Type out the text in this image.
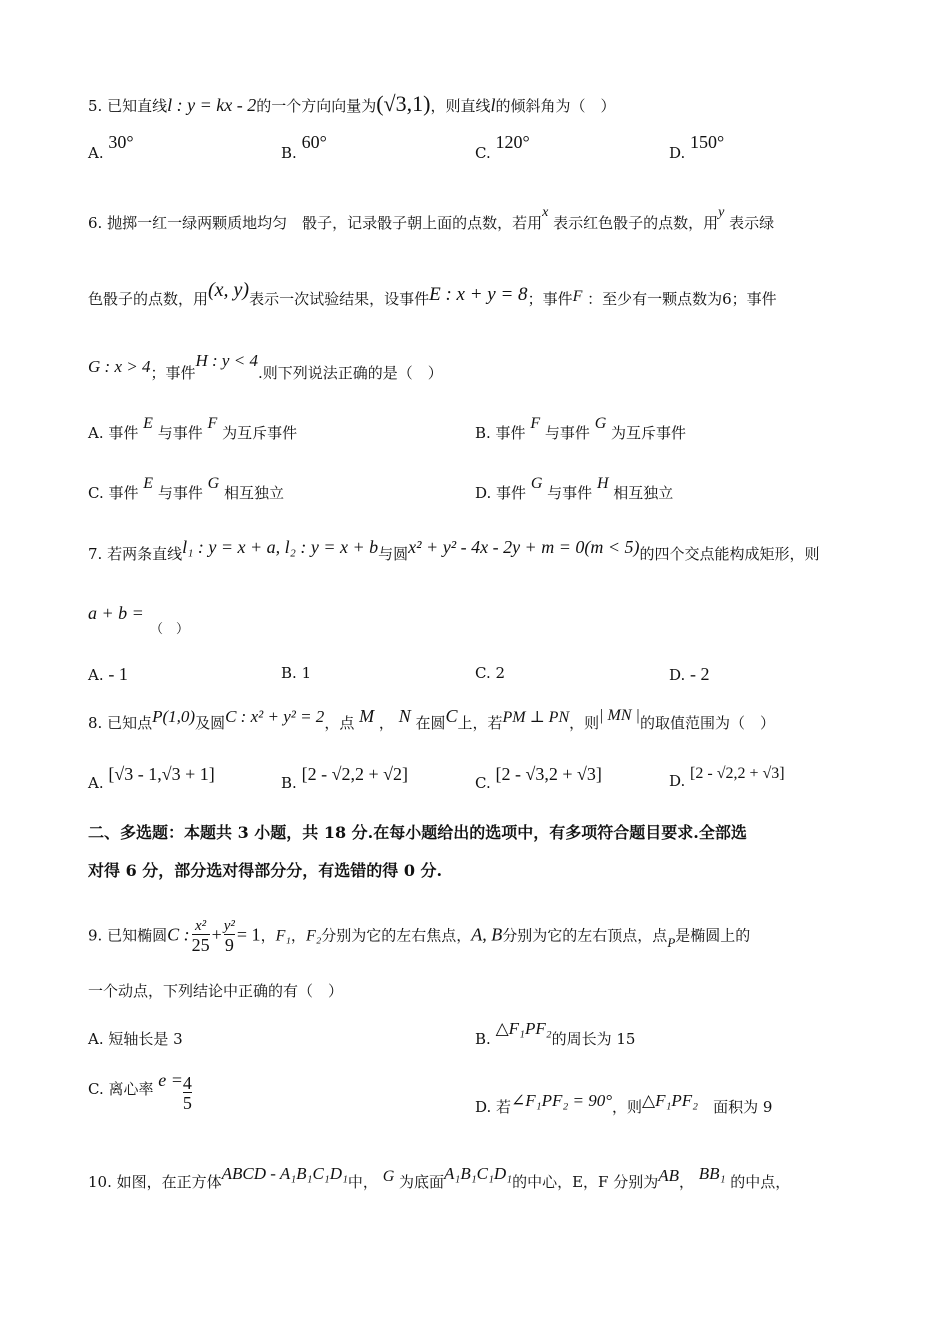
5. 已知直线l : y = kx - 2的一个方向向量为(√3,1)，则直线l的倾斜角为（　）
A. 30°
B. 60°
C. 120°
D. 150°
6. 抛掷一红一绿两颗质地均匀　骰子，记录骰子朝上面的点数，若用x 表示红色骰子的点数，用y 表示绿
色骰子的点数，用(x, y)表示一次试验结果，设事件E : x + y = 8；事件F ：至少有一颗点数为6；事件
G : x > 4；事件H : y < 4.则下列说法正确的是（　）
A. 事件 E 与事件 F 为互斥事件	B. 事件 F 与事件 G 为互斥事件
C. 事件 E 与事件 G 相互独立	D. 事件 G 与事件 H 相互独立
7. 若两条直线l₁ : y = x + a, l₂ : y = x + b与圆x² + y² - 4x - 2y + m = 0(m < 5)的四个交点能构成矩形，则
a + b =
（　）
A. - 1	B. 1	C. 2	D. - 2
8. 已知点P(1,0)及圆C : x² + y² = 2，点 M ， N 在圆C上，若PM ⊥ PN，则| MN |的取值范围为（　）
A. [√3 - 1,√3 + 1]	B. [2 - √2,2 + √2]	C. [2 - √3,2 + √3]	D. [2 - √2,2 + √3]
二、多选题：本题共 3 小题，共 18 分.在每小题给出的选项中，有多项符合题目要求.全部选
对得 6 分，部分选对得部分分，有选错的得 0 分.
9. 已知椭圆C : x²
25
+ y²
9
= 1，F₁，F₂分别为它的左右焦点，A, B分别为它的左右顶点，点P是椭圆上的
一个动点，下列结论中正确的有（　）
A. 短轴长是 3	B. △F₁PF₂的周长为 15
C. 离心率 $e = \frac{4}{5}$	D. 若∠F₁PF₂ = 90°，则△F₁PF₂　面积为 9
10. 如图，在正方体ABCD - A₁B₁C₁D₁中， G 为底面A₁B₁C₁D₁的中心，E，F 分别为AB， BB₁ 的中点，
